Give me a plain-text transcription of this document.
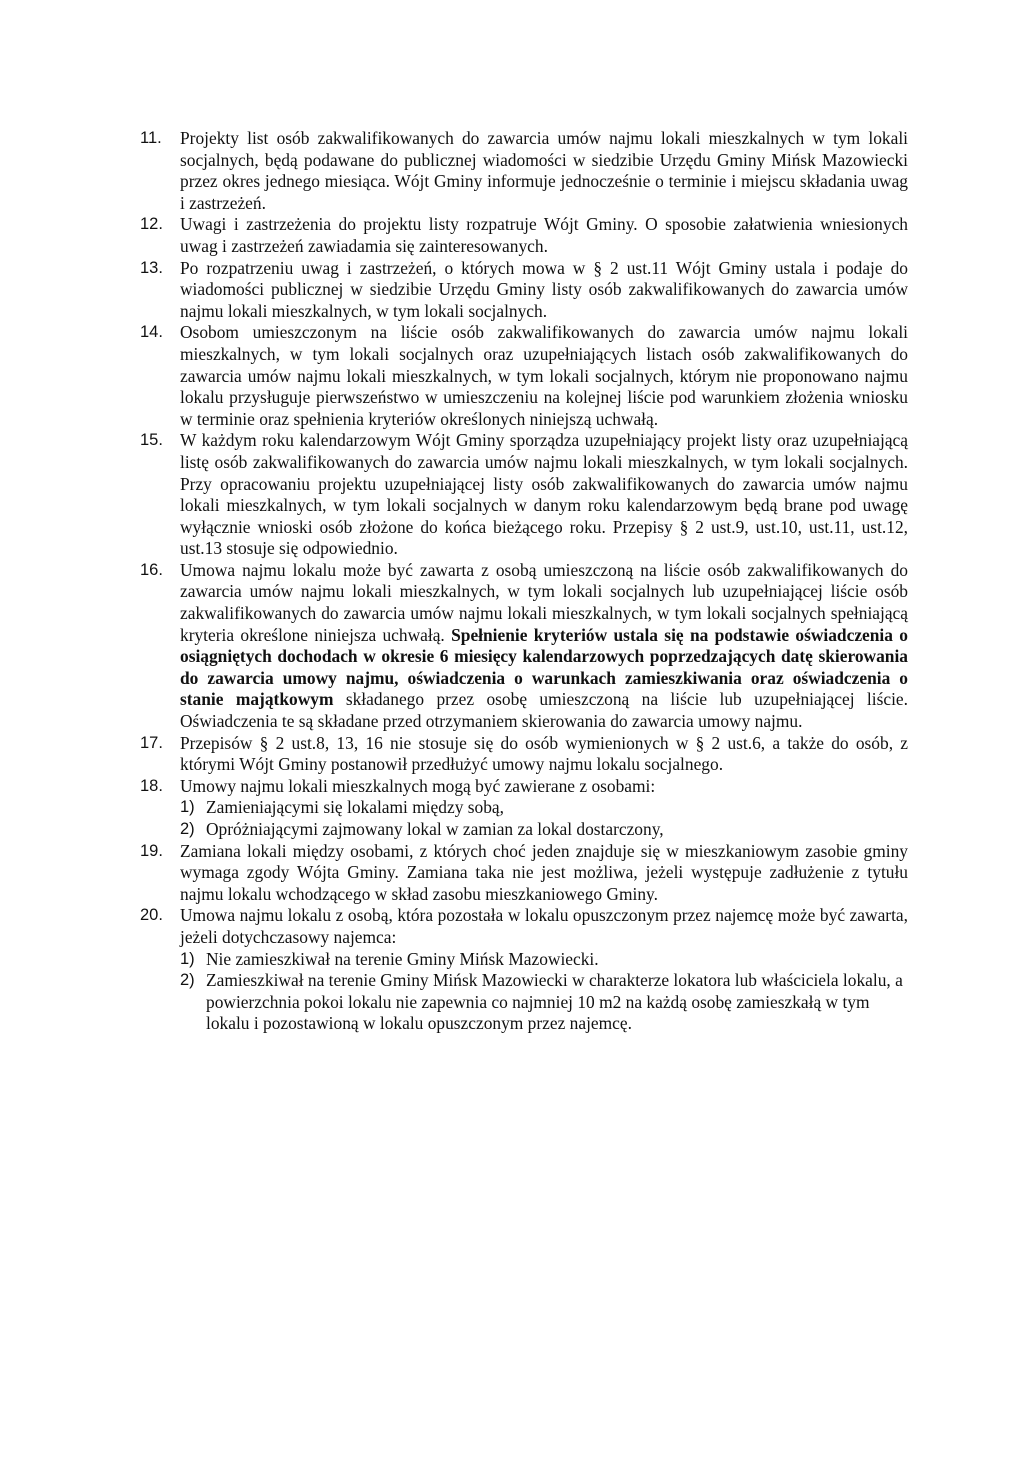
11. Projekty list osób zakwalifikowanych do zawarcia umów najmu lokali mieszkalnych w tym lokali socjalnych, będą podawane do publicznej wiadomości w siedzibie Urzędu Gminy Mińsk Mazowiecki przez okres jednego miesiąca. Wójt Gminy informuje jednocześnie o terminie i miejscu składania uwag i zastrzeżeń.
12. Uwagi i zastrzeżenia do projektu listy rozpatruje Wójt Gminy. O sposobie załatwienia wniesionych uwag i zastrzeżeń zawiadamia się zainteresowanych.
13. Po rozpatrzeniu uwag i zastrzeżeń, o których mowa w § 2 ust.11 Wójt Gminy ustala i podaje do wiadomości publicznej w siedzibie Urzędu Gminy listy osób zakwalifikowanych do zawarcia umów najmu lokali mieszkalnych, w tym lokali socjalnych.
14. Osobom umieszczonym na liście osób zakwalifikowanych do zawarcia umów najmu lokali mieszkalnych, w tym lokali socjalnych oraz uzupełniających listach osób zakwalifikowanych do zawarcia umów najmu lokali mieszkalnych, w tym lokali socjalnych, którym nie proponowano najmu lokalu przysługuje pierwszeństwo w umieszczeniu na kolejnej liście pod warunkiem złożenia wniosku w terminie oraz spełnienia kryteriów określonych niniejszą uchwałą.
15. W każdym roku kalendarzowym Wójt Gminy sporządza uzupełniający projekt listy oraz uzupełniającą listę osób zakwalifikowanych do zawarcia umów najmu lokali mieszkalnych, w tym lokali socjalnych. Przy opracowaniu projektu uzupełniającej listy osób zakwalifikowanych do zawarcia umów najmu lokali mieszkalnych, w tym lokali socjalnych w danym roku kalendarzowym będą brane pod uwagę wyłącznie wnioski osób złożone do końca bieżącego roku. Przepisy § 2 ust.9, ust.10, ust.11, ust.12, ust.13 stosuje się odpowiednio.
16. Umowa najmu lokalu może być zawarta z osobą umieszczoną na liście osób zakwalifikowanych do zawarcia umów najmu lokali mieszkalnych, w tym lokali socjalnych lub uzupełniającej liście osób zakwalifikowanych do zawarcia umów najmu lokali mieszkalnych, w tym lokali socjalnych spełniającą kryteria określone niniejsza uchwałą. Spełnienie kryteriów ustala się na podstawie oświadczenia o osiągniętych dochodach w okresie 6 miesięcy kalendarzowych poprzedzających datę skierowania do zawarcia umowy najmu, oświadczenia o warunkach zamieszkiwania oraz oświadczenia o stanie majątkowym składanego przez osobę umieszczoną na liście lub uzupełniającej liście. Oświadczenia te są składane przed otrzymaniem skierowania do zawarcia umowy najmu.
17. Przepisów § 2 ust.8, 13, 16 nie stosuje się do osób wymienionych w § 2 ust.6, a także do osób, z którymi Wójt Gminy postanowił przedłużyć umowy najmu lokalu socjalnego.
18. Umowy najmu lokali mieszkalnych mogą być zawierane z osobami:
1) Zamieniającymi się lokalami między sobą,
2) Opróżniającymi zajmowany lokal w zamian za lokal dostarczony,
19. Zamiana lokali między osobami, z których choć jeden znajduje się w mieszkaniowym zasobie gminy wymaga zgody Wójta Gminy. Zamiana taka nie jest możliwa, jeżeli występuje zadłużenie z tytułu najmu lokalu wchodzącego w skład zasobu mieszkaniowego Gminy.
20. Umowa najmu lokalu z osobą, która pozostała w lokalu opuszczonym przez najemcę może być zawarta, jeżeli dotychczasowy najemca:
1) Nie zamieszkiwał na terenie Gminy Mińsk Mazowiecki.
2) Zamieszkiwał na terenie Gminy Mińsk Mazowiecki w charakterze lokatora lub właściciela lokalu, a powierzchnia pokoi lokalu nie zapewnia co najmniej 10 m2 na każdą osobę zamieszkałą w tym lokalu i pozostawioną w lokalu opuszczonym przez najemcę.
